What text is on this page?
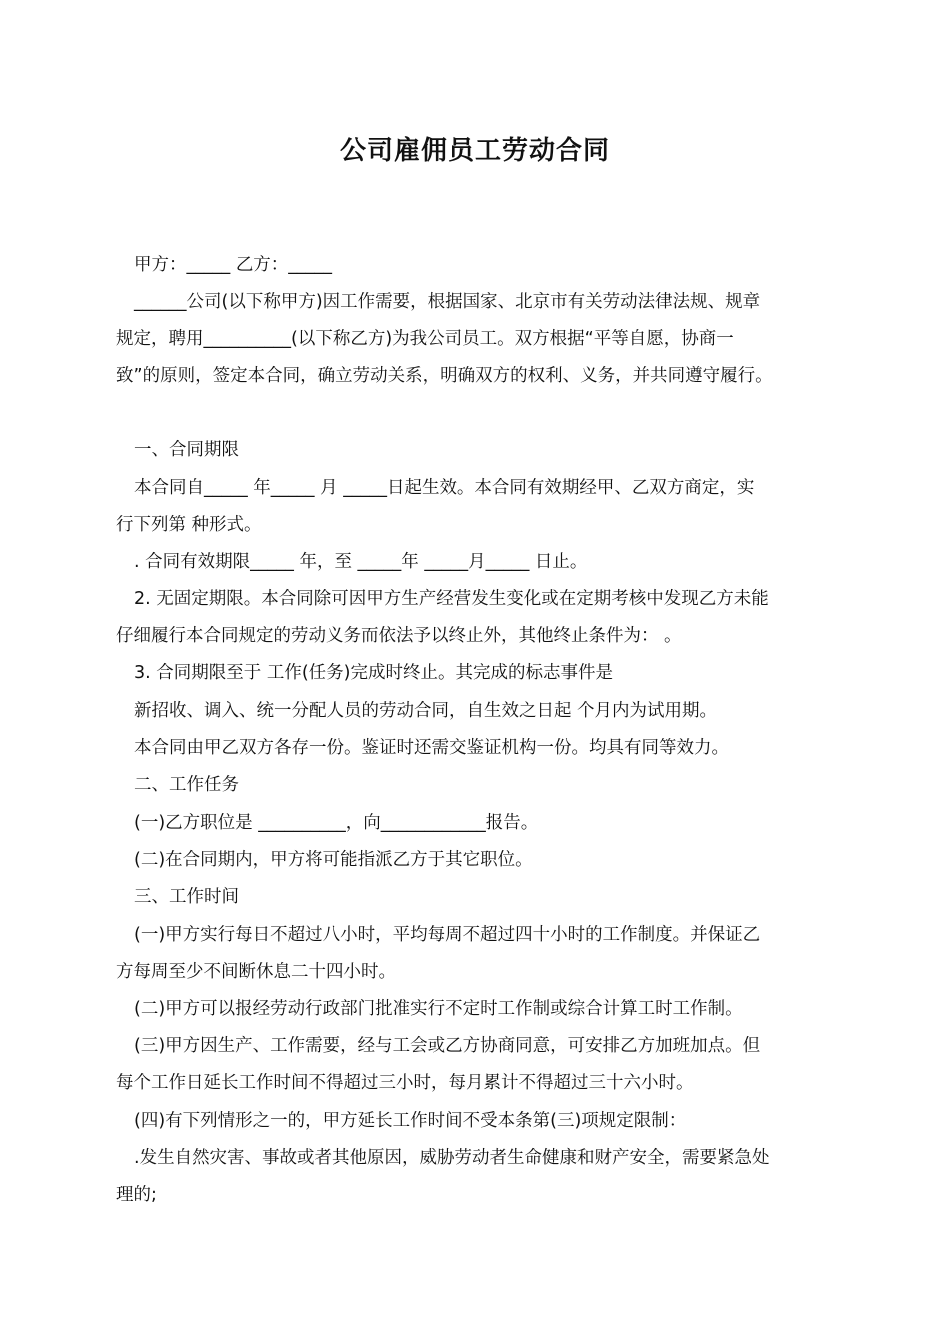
公司雇佣员工劳动合同
甲方：_____ 乙方：_____
______公司(以下称甲方)因工作需要，根据国家、北京市有关劳动法律法规、规章
规定，聘用__________(以下称乙方)为我公司员工。双方根据“平等自愿，协商一
致”的原则，签定本合同，确立劳动关系，明确双方的权利、义务，并共同遵守履行。
一、合同期限
本合同自_____ 年_____ 月 _____日起生效。本合同有效期经甲、乙双方商定，实
行下列第 种形式。
. 合同有效期限_____ 年，至 _____年 _____月_____ 日止。
2. 无固定期限。本合同除可因甲方生产经营发生变化或在定期考核中发现乙方未能
仔细履行本合同规定的劳动义务而依法予以终止外，其他终止条件为： 。
3. 合同期限至于 工作(任务)完成时终止。其完成的标志事件是
新招收、调入、统一分配人员的劳动合同，自生效之日起 个月内为试用期。
本合同由甲乙双方各存一份。鉴证时还需交鉴证机构一份。均具有同等效力。
二、工作任务
(一)乙方职位是 __________，向____________报告。
(二)在合同期内，甲方将可能指派乙方于其它职位。
三、工作时间
(一)甲方实行每日不超过八小时，平均每周不超过四十小时的工作制度。并保证乙
方每周至少不间断休息二十四小时。
(二)甲方可以报经劳动行政部门批准实行不定时工作制或综合计算工时工作制。
(三)甲方因生产、工作需要，经与工会或乙方协商同意，可安排乙方加班加点。但
每个工作日延长工作时间不得超过三小时，每月累计不得超过三十六小时。
(四)有下列情形之一的，甲方延长工作时间不受本条第(三)项规定限制：
.发生自然灾害、事故或者其他原因，威胁劳动者生命健康和财产安全，需要紧急处
理的;
